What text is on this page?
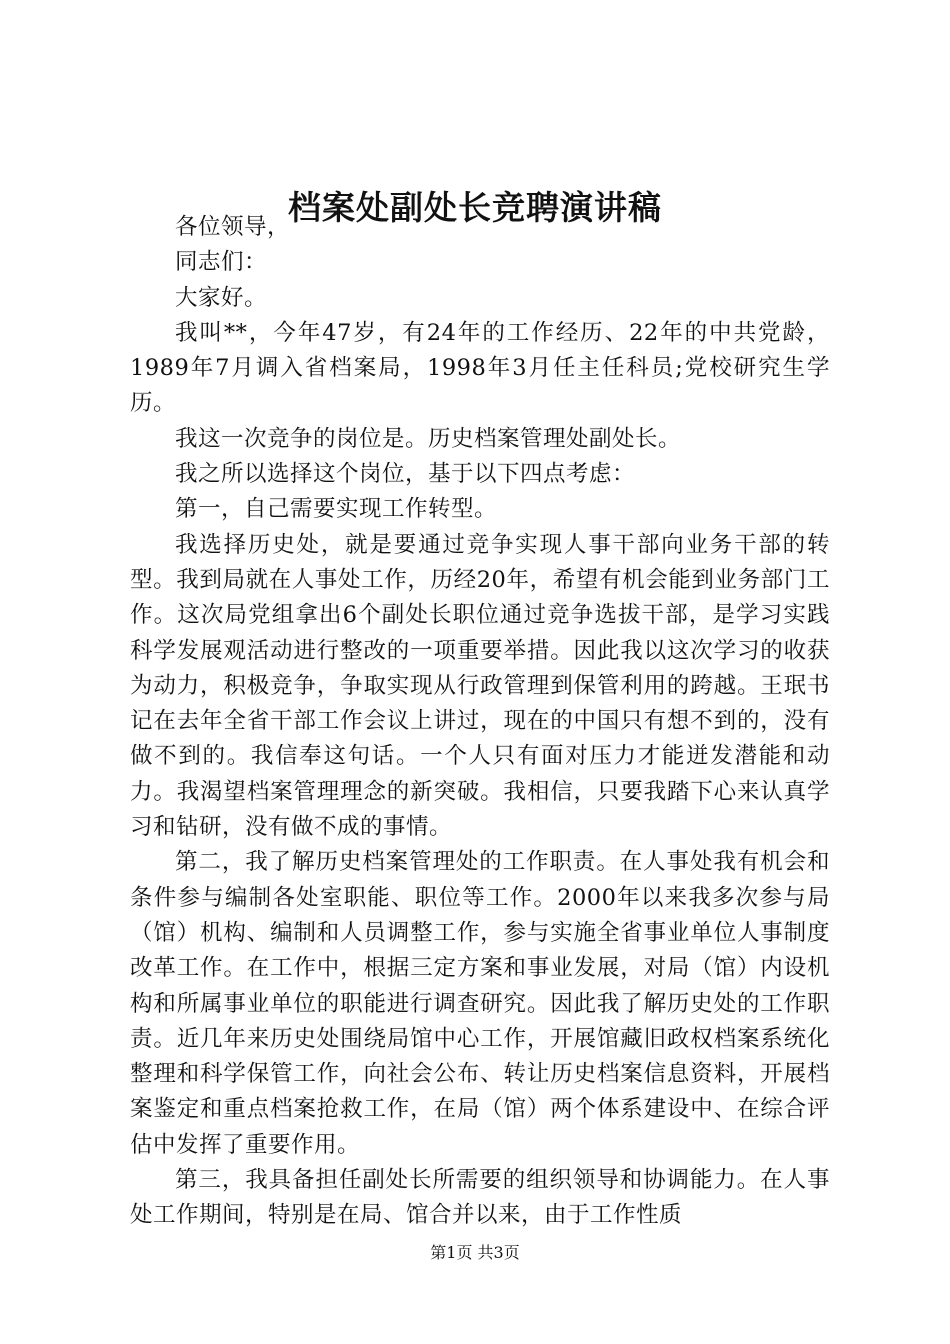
档案处副处长竞聘演讲稿

各位领导，

同志们：

大家好。

我叫**，今年47岁，有24年的工作经历、22年的中共党龄，1989年7月调入省档案局，1998年3月任主任科员;党校研究生学历。

我这一次竞争的岗位是。历史档案管理处副处长。

我之所以选择这个岗位，基于以下四点考虑：

第一，自己需要实现工作转型。

我选择历史处，就是要通过竞争实现人事干部向业务干部的转型。我到局就在人事处工作，历经20年，希望有机会能到业务部门工作。这次局党组拿出6个副处长职位通过竞争选拔干部，是学习实践科学发展观活动进行整改的一项重要举措。因此我以这次学习的收获为动力，积极竞争，争取实现从行政管理到保管利用的跨越。王珉书记在去年全省干部工作会议上讲过，现在的中国只有想不到的，没有做不到的。我信奉这句话。一个人只有面对压力才能迸发潜能和动力。我渴望档案管理理念的新突破。我相信，只要我踏下心来认真学习和钻研，没有做不成的事情。

第二，我了解历史档案管理处的工作职责。在人事处我有机会和条件参与编制各处室职能、职位等工作。2000年以来我多次参与局（馆）机构、编制和人员调整工作，参与实施全省事业单位人事制度改革工作。在工作中，根据三定方案和事业发展，对局（馆）内设机构和所属事业单位的职能进行调查研究。因此我了解历史处的工作职责。近几年来历史处围绕局馆中心工作，开展馆藏旧政权档案系统化整理和科学保管工作，向社会公布、转让历史档案信息资料，开展档案鉴定和重点档案抢救工作，在局（馆）两个体系建设中、在综合评估中发挥了重要作用。

第三，我具备担任副处长所需要的组织领导和协调能力。在人事处工作期间，特别是在局、馆合并以来，由于工作性质

第1页 共3页
